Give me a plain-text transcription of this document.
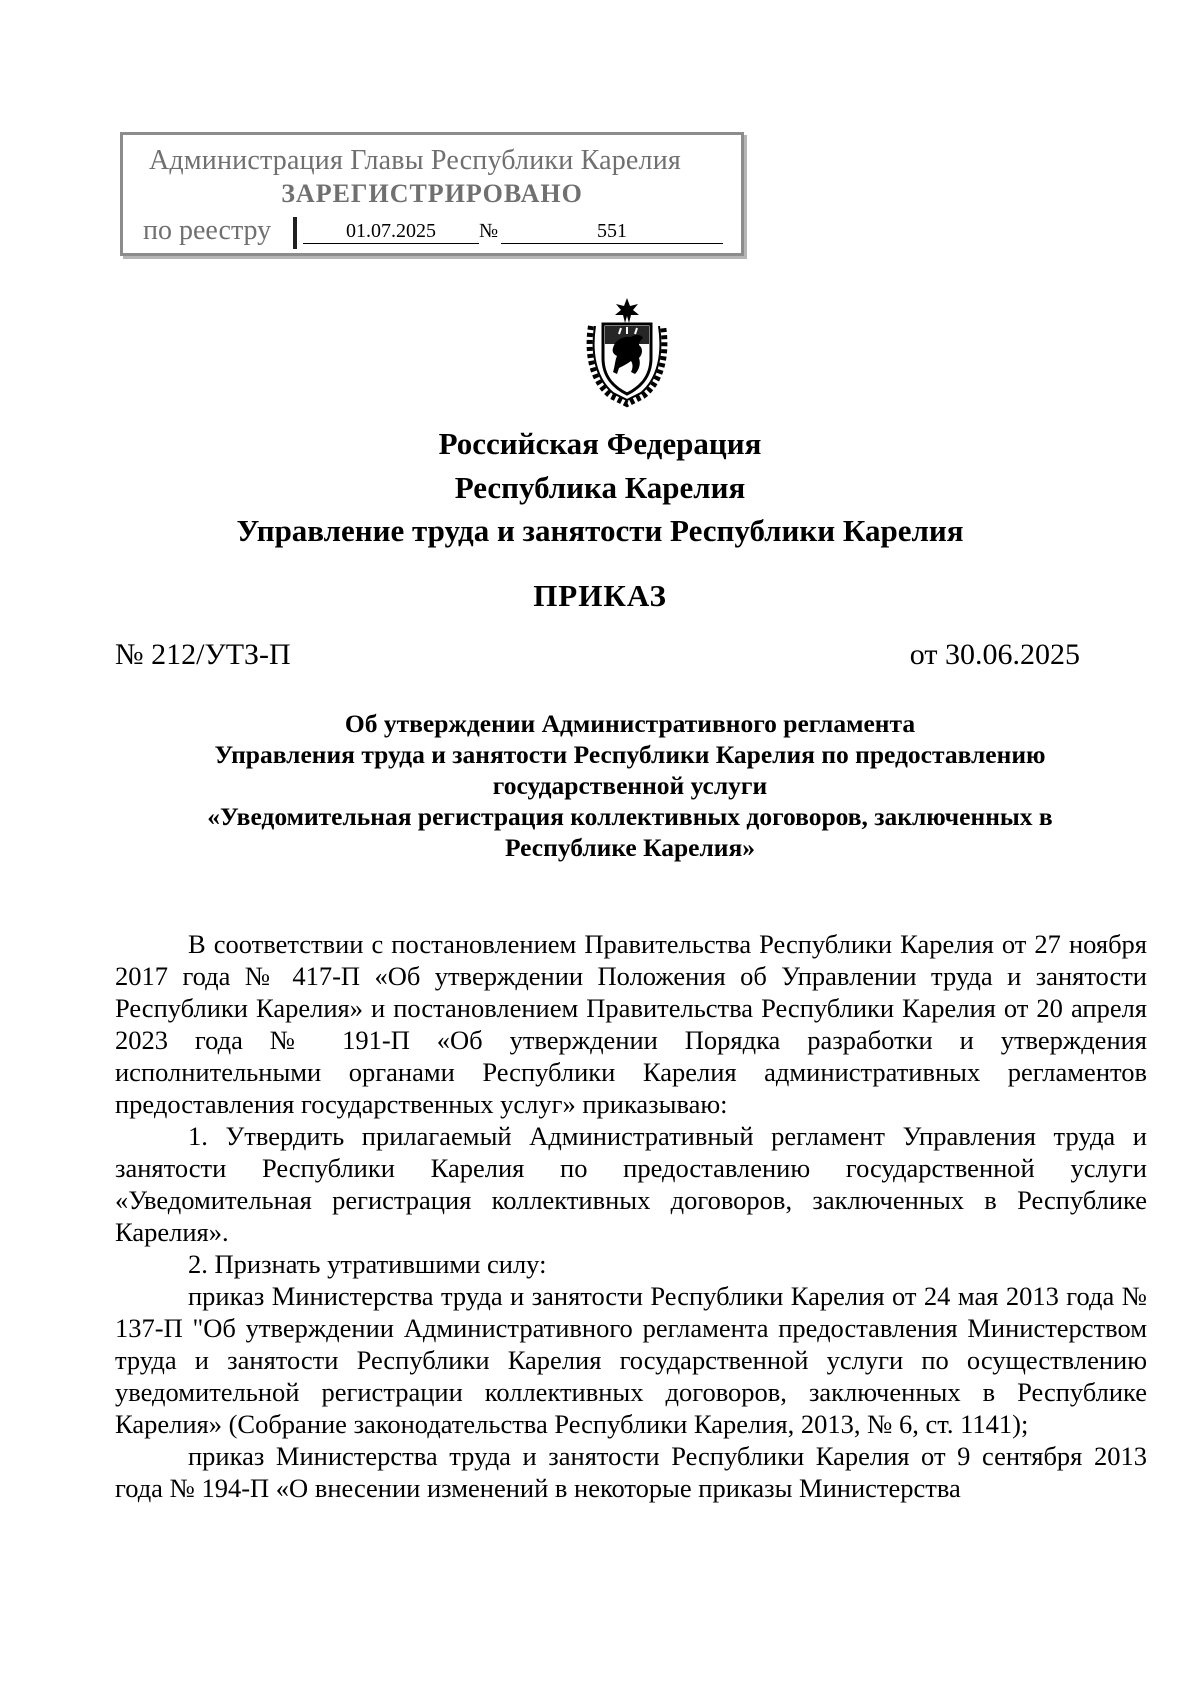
Администрация Главы Республики Карелия
ЗАРЕГИСТРИРОВАНО
по реестру	01.07.2025	№	551
Российская Федерация
Республика Карелия
Управление труда и занятости Республики Карелия
ПРИКАЗ
№ 212/УТЗ-П	от 30.06.2025
Об утверждении Административного регламента
Управления труда и занятости Республики Карелия по предоставлению
государственной услуги
«Уведомительная регистрация коллективных договоров, заключенных в
Республике Карелия»

В соответствии с постановлением Правительства Республики Карелия от 27 ноября 2017 года № 417-П «Об утверждении Положения об Управлении труда и занятости Республики Карелия» и постановлением Правительства Республики Карелия от 20 апреля 2023 года № 191-П «Об утверждении Порядка разработки и утверждения исполнительными органами Республики Карелия административных регламентов предоставления государственных услуг» приказываю:

1. Утвердить прилагаемый Административный регламент Управления труда и занятости Республики Карелия по предоставлению государственной услуги «Уведомительная регистрация коллективных договоров, заключенных в Республике Карелия».

2. Признать утратившими силу:

приказ Министерства труда и занятости Республики Карелия от 24 мая 2013 года № 137-П "Об утверждении Административного регламента предоставления Министерством труда и занятости Республики Карелия государственной услуги по осуществлению уведомительной регистрации коллективных договоров, заключенных в Республике Карелия» (Собрание законодательства Республики Карелия, 2013, № 6, ст. 1141);

приказ Министерства труда и занятости Республики Карелия от 9 сентября 2013 года № 194-П «О внесении изменений в некоторые приказы Министерства
